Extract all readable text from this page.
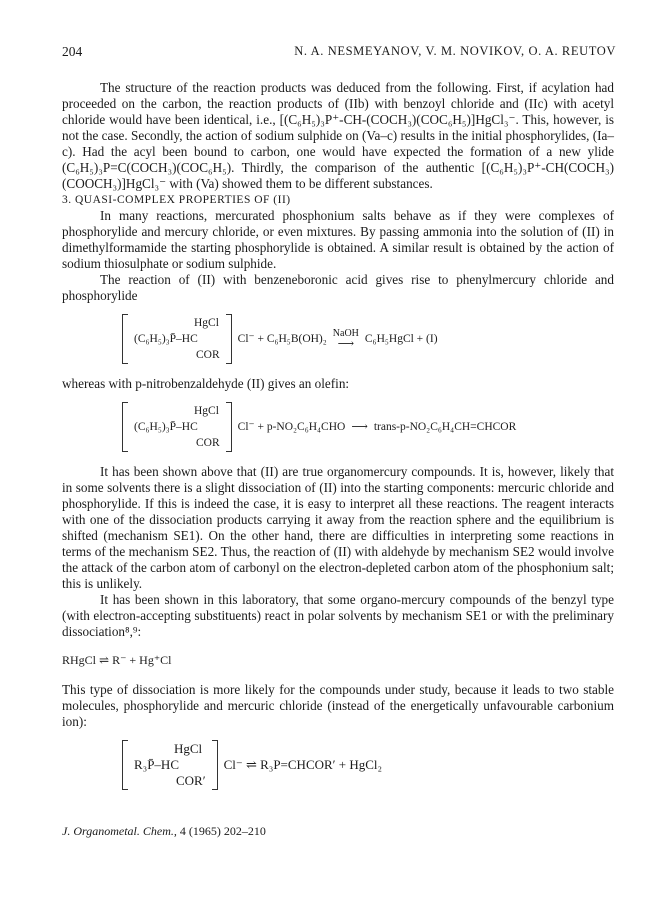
204	N. A. NESMEYANOV, V. M. NOVIKOV, O. A. REUTOV

The structure of the reaction products was deduced from the following. First, if acylation had proceeded on the carbon, the reaction products of (IIb) with benzoyl chloride and (IIc) with acetyl chloride would have been identical, i.e., [(C₆H₅)₃P⁺-CH-(COCH₃)(COC₆H₅)]HgCl₃⁻. This, however, is not the case. Secondly, the action of sodium sulphide on (Va–c) results in the initial phosphorylides, (Ia–c). Had the acyl been bound to carbon, one would have expected the formation of a new ylide (C₆H₅)₃P=C(COCH₃)(COC₆H₅). Thirdly, the comparison of the authentic [(C₆H₅)₃P⁺-CH(COCH₃)(COOCH₃)]HgCl₃⁻ with (Va) showed them to be different substances.

3. QUASI-COMPLEX PROPERTIES OF (II)

In many reactions, mercurated phosphonium salts behave as if they were complexes of phosphorylide and mercury chloride, or even mixtures. By passing ammonia into the solution of (II) in dimethylformamide the starting phosphorylide is obtained. A similar result is obtained by the action of sodium thiosulphate or sodium sulphide.

The reaction of (II) with benzeneboronic acid gives rise to phenylmercury chloride and phosphorylide

HgCl
(C₆H₅)₃P̄–HC
COR
Cl⁻ + C₆H₅B(OH)₂ NaOH
⟶ C₆H₅HgCl + (I)

whereas with p-nitrobenzaldehyde (II) gives an olefin:

HgCl
(C₆H₅)₃P̄–HC
COR
Cl⁻ + p-NO₂C₆H₄CHO ⟶ trans-p-NO₂C₆H₄CH=CHCOR

It has been shown above that (II) are true organomercury compounds. It is, however, likely that in some solvents there is a slight dissociation of (II) into the starting components: mercuric chloride and phosphorylide. If this is indeed the case, it is easy to interpret all these reactions. The reagent interacts with one of the dissociation products carrying it away from the reaction sphere and the equilibrium is shifted (mechanism SE1). On the other hand, there are difficulties in interpreting some reactions in terms of the mechanism SE2. Thus, the reaction of (II) with aldehyde by mechanism SE2 would involve the attack of the carbon atom of carbonyl on the electron-depleted carbon atom of the phosphonium salt; this is unlikely.

It has been shown in this laboratory, that some organo-mercury compounds of the benzyl type (with electron-accepting substituents) react in polar solvents by mechanism SE1 or with the preliminary dissociation⁸,⁹:

RHgCl ⇌ R⁻ + Hg⁺Cl

This type of dissociation is more likely for the compounds under study, because it leads to two stable molecules, phosphorylide and mercuric chloride (instead of the energetically unfavourable carbonium ion):

HgCl
R₃P̄–HC
COR′
Cl⁻ ⇌ R₃P=CHCOR′ + HgCl₂
J. Organometal. Chem., 4 (1965) 202–210
